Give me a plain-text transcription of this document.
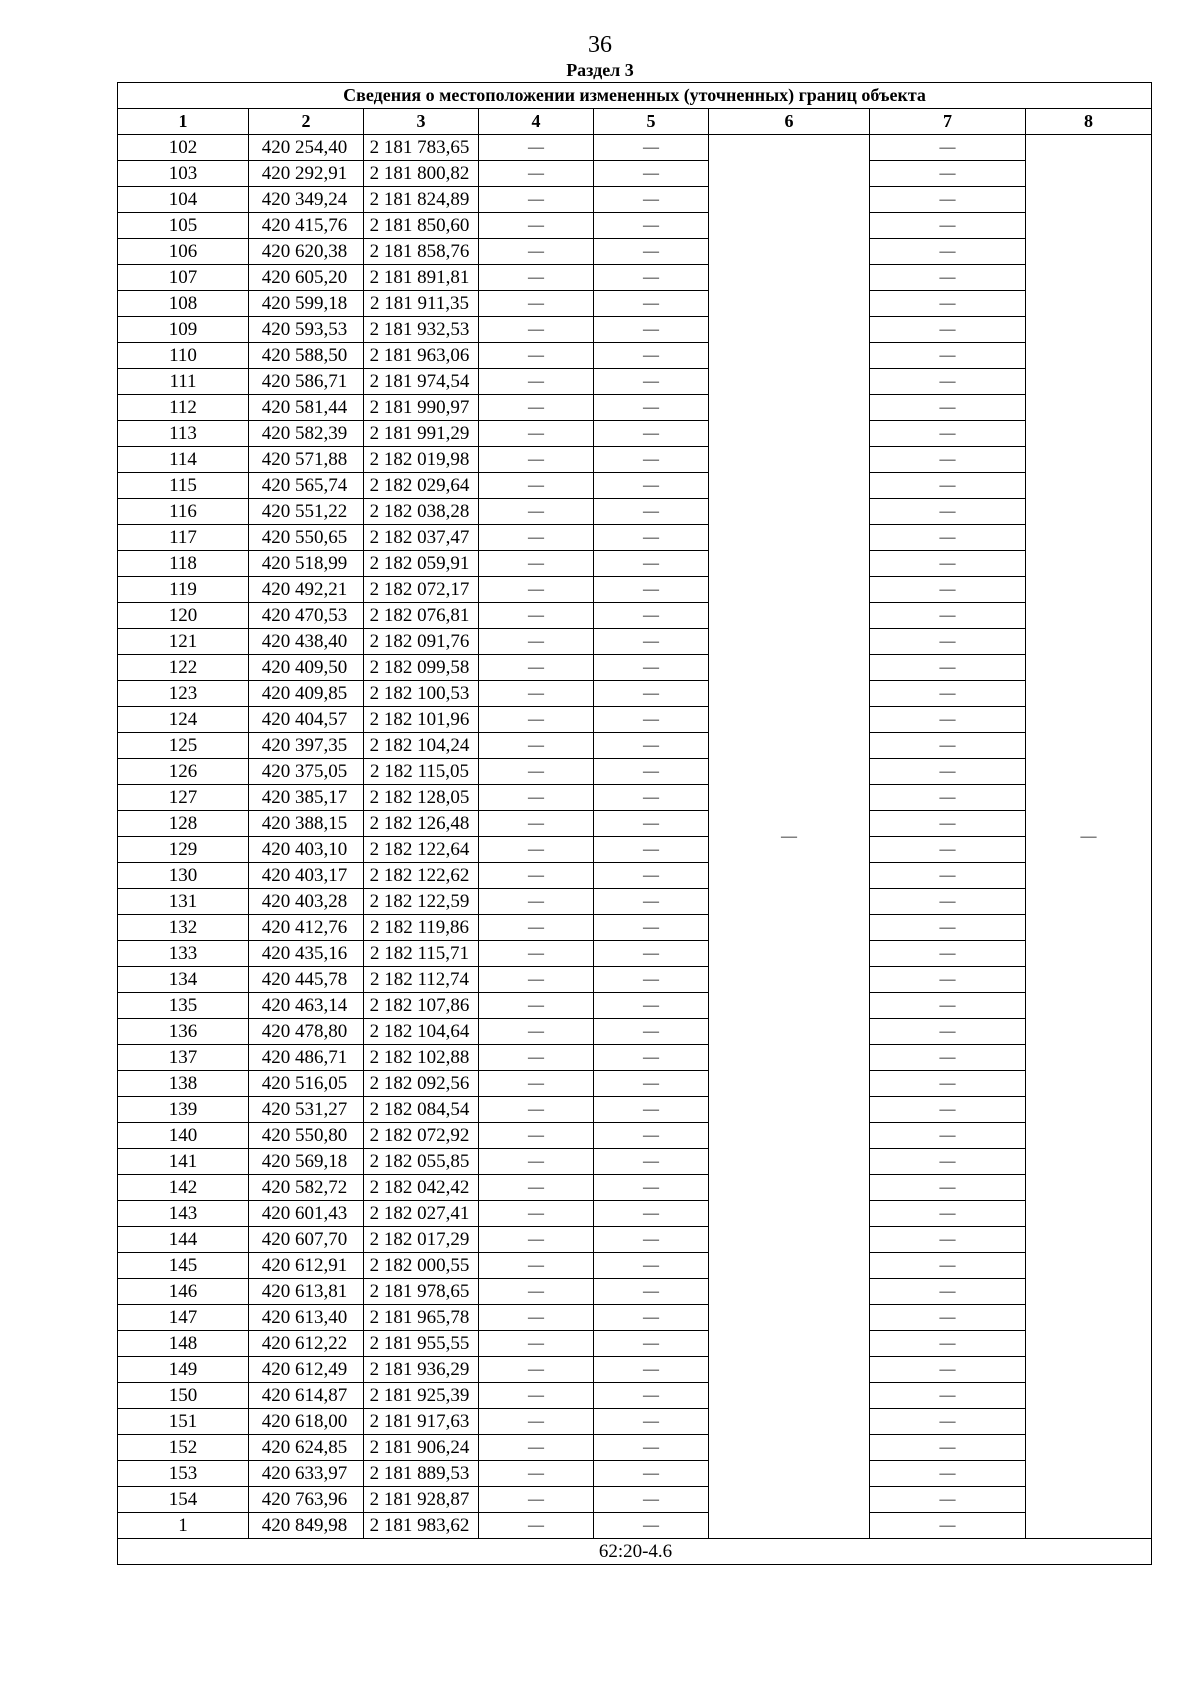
36
Раздел 3
Сведения о местоположении измененных (уточненных) границ объекта							
1	2	3	4	5	6	7	8
102	420 254,40	2 181 783,65	—	—	—	—	—
103	420 292,91	2 181 800,82	—	—		—	
104	420 349,24	2 181 824,89	—	—		—	
105	420 415,76	2 181 850,60	—	—		—	
106	420 620,38	2 181 858,76	—	—		—	
107	420 605,20	2 181 891,81	—	—		—	
108	420 599,18	2 181 911,35	—	—		—	
109	420 593,53	2 181 932,53	—	—		—	
110	420 588,50	2 181 963,06	—	—		—	
111	420 586,71	2 181 974,54	—	—		—	
112	420 581,44	2 181 990,97	—	—		—	
113	420 582,39	2 181 991,29	—	—		—	
114	420 571,88	2 182 019,98	—	—		—	
115	420 565,74	2 182 029,64	—	—		—	
116	420 551,22	2 182 038,28	—	—		—	
117	420 550,65	2 182 037,47	—	—		—	
118	420 518,99	2 182 059,91	—	—		—	
119	420 492,21	2 182 072,17	—	—		—	
120	420 470,53	2 182 076,81	—	—		—	
121	420 438,40	2 182 091,76	—	—		—	
122	420 409,50	2 182 099,58	—	—		—	
123	420 409,85	2 182 100,53	—	—		—	
124	420 404,57	2 182 101,96	—	—		—	
125	420 397,35	2 182 104,24	—	—		—	
126	420 375,05	2 182 115,05	—	—		—	
127	420 385,17	2 182 128,05	—	—		—	
128	420 388,15	2 182 126,48	—	—		—	
129	420 403,10	2 182 122,64	—	—		—	
130	420 403,17	2 182 122,62	—	—		—	
131	420 403,28	2 182 122,59	—	—		—	
132	420 412,76	2 182 119,86	—	—		—	
133	420 435,16	2 182 115,71	—	—		—	
134	420 445,78	2 182 112,74	—	—		—	
135	420 463,14	2 182 107,86	—	—		—	
136	420 478,80	2 182 104,64	—	—		—	
137	420 486,71	2 182 102,88	—	—		—	
138	420 516,05	2 182 092,56	—	—		—	
139	420 531,27	2 182 084,54	—	—		—	
140	420 550,80	2 182 072,92	—	—		—	
141	420 569,18	2 182 055,85	—	—		—	
142	420 582,72	2 182 042,42	—	—		—	
143	420 601,43	2 182 027,41	—	—		—	
144	420 607,70	2 182 017,29	—	—		—	
145	420 612,91	2 182 000,55	—	—		—	
146	420 613,81	2 181 978,65	—	—		—	
147	420 613,40	2 181 965,78	—	—		—	
148	420 612,22	2 181 955,55	—	—		—	
149	420 612,49	2 181 936,29	—	—		—	
150	420 614,87	2 181 925,39	—	—		—	
151	420 618,00	2 181 917,63	—	—		—	
152	420 624,85	2 181 906,24	—	—		—	
153	420 633,97	2 181 889,53	—	—		—	
154	420 763,96	2 181 928,87	—	—		—	
1	420 849,98	2 181 983,62	—	—		—	
62:20-4.6							
